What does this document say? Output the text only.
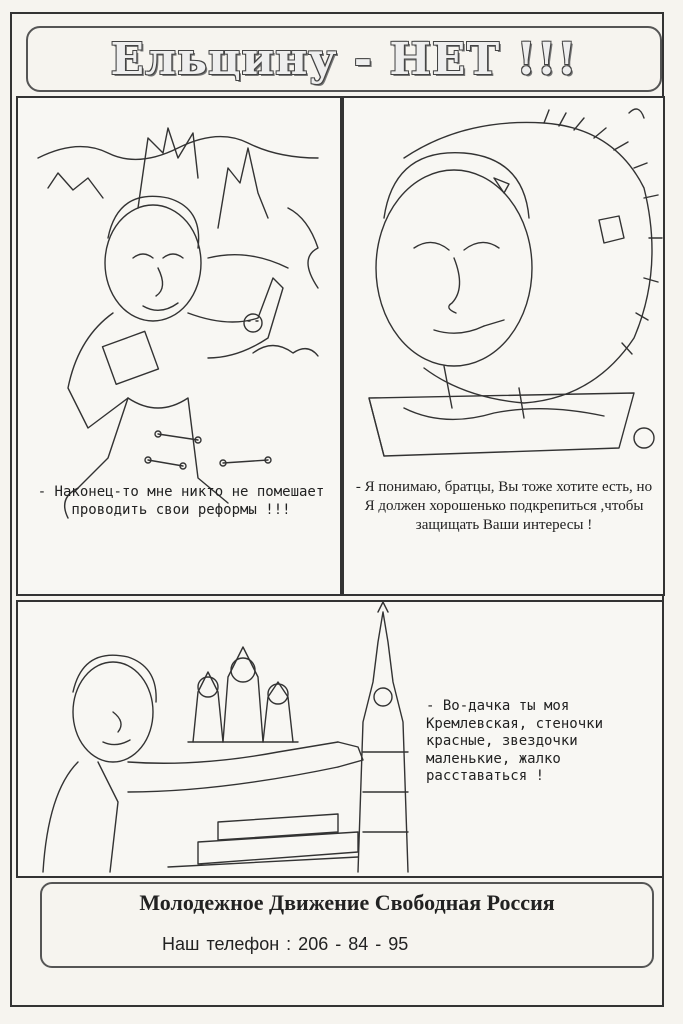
Ельцину - НЕТ !!!
- Наконец-то мне никто не помешает проводить свои реформы !!!
- Я понимаю, братцы, Вы тоже хотите есть, но Я должен хорошенько подкрепиться ,чтобы защищать Ваши интересы !
- Во-дачка ты моя Кремлевская, стеночки красные, звездочки маленькие, жалко расставаться !
Молодежное Движение Свободная Россия
Наш телефон : 206 - 84 - 95
